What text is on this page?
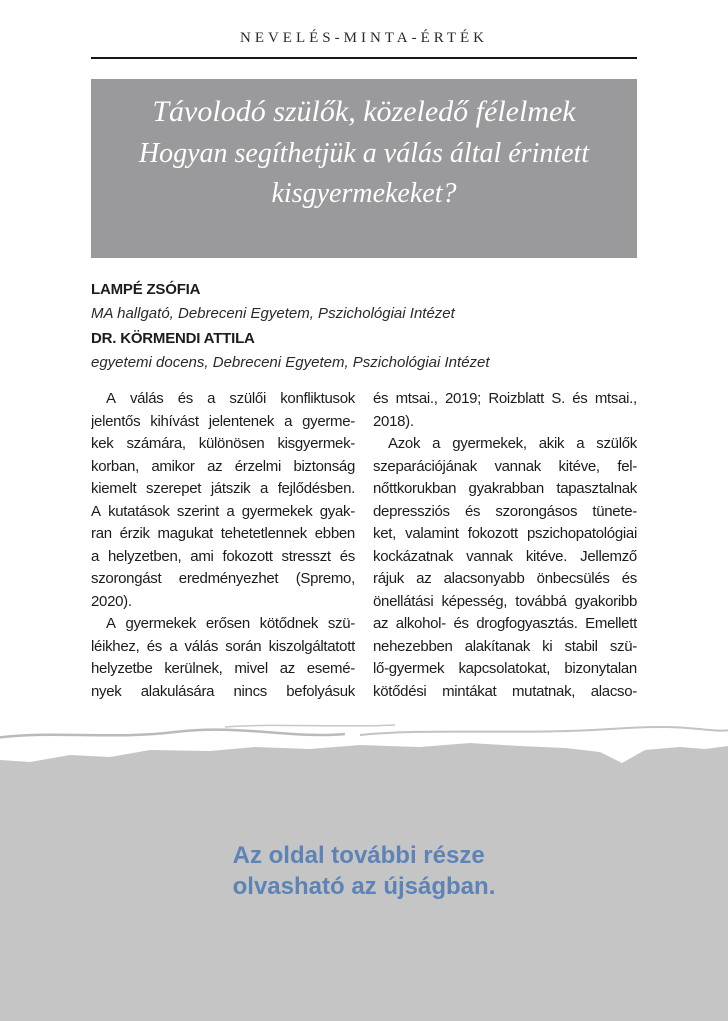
NEVELÉS-MINTA-ÉRTÉK
Távolodó szülők, közeledő félelmek
Hogyan segíthetjük a válás által érintett kisgyermekeket?
LAMPÉ ZSÓFIA
MA hallgató, Debreceni Egyetem, Pszichológiai Intézet
DR. KÖRMENDI ATTILA
egyetemi docens, Debreceni Egyetem, Pszichológiai Intézet
A válás és a szülői konfliktusok
jelentős kihívást jelentenek a gyerme-
kek számára, különösen kisgyermek-
korban, amikor az érzelmi biztonság
kiemelt szerepet játszik a fejlődésben.
A kutatások szerint a gyermekek gyak-
ran érzik magukat tehetetlennek ebben
a helyzetben, ami fokozott stresszt és
szorongást eredményezhet (Spremo,
2020).
A gyermekek erősen kötődnek szü-
léikhez, és a válás során kiszolgáltatott
helyzetbe kerülnek, mivel az esemé-
nyek alakulására nincs befolyásuk
és mtsai., 2019; Roizblatt S. és mtsai.,
2018).
Azok a gyermekek, akik a szülők
szeparációjának vannak kitéve, fel-
nőttkorukban gyakrabban tapasztalnak
depressziós és szorongásos tünete-
ket, valamint fokozott pszichopatológiai
kockázatnak vannak kitéve. Jellemző
rájuk az alacsonyabb önbecsülés és
önellátási képesség, továbbá gyakoribb
az alkohol- és drogfogyasztás. Emellett
nehezebben alakítanak ki stabil szü-
lő-gyermek kapcsolatokat, bizonytalan
kötődési mintákat mutatnak, alacso-
Az oldal további része
olvasható az újságban.
